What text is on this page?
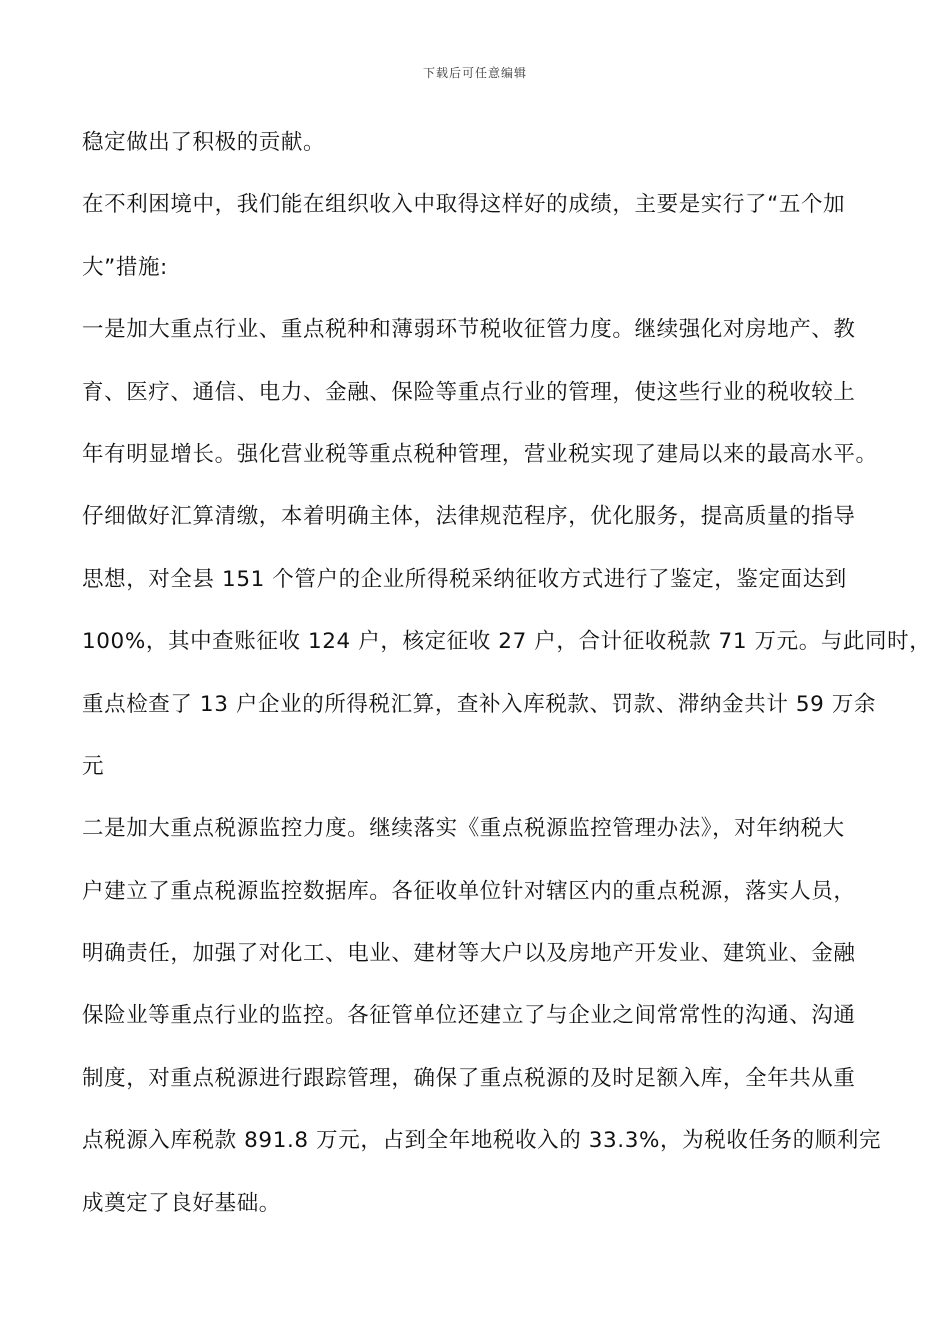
下载后可任意编辑
稳定做出了积极的贡献。
在不利困境中，我们能在组织收入中取得这样好的成绩，主要是实行了“五个加
大”措施:
一是加大重点行业、重点税种和薄弱环节税收征管力度。继续强化对房地产、教
育、医疗、通信、电力、金融、保险等重点行业的管理，使这些行业的税收较上
年有明显增长。强化营业税等重点税种管理，营业税实现了建局以来的最高水平。
仔细做好汇算清缴，本着明确主体，法律规范程序，优化服务，提高质量的指导
思想，对全县 151 个管户的企业所得税采纳征收方式进行了鉴定，鉴定面达到
100%，其中查账征收 124 户，核定征收 27 户，合计征收税款 71 万元。与此同时，
重点检查了 13 户企业的所得税汇算，查补入库税款、罚款、滞纳金共计 59 万余
元
二是加大重点税源监控力度。继续落实《重点税源监控管理办法》，对年纳税大
户建立了重点税源监控数据库。各征收单位针对辖区内的重点税源，落实人员，
明确责任，加强了对化工、电业、建材等大户以及房地产开发业、建筑业、金融
保险业等重点行业的监控。各征管单位还建立了与企业之间常常性的沟通、沟通
制度，对重点税源进行跟踪管理，确保了重点税源的及时足额入库，全年共从重
点税源入库税款 891.8 万元，占到全年地税收入的 33.3%，为税收任务的顺利完
成奠定了良好基础。
